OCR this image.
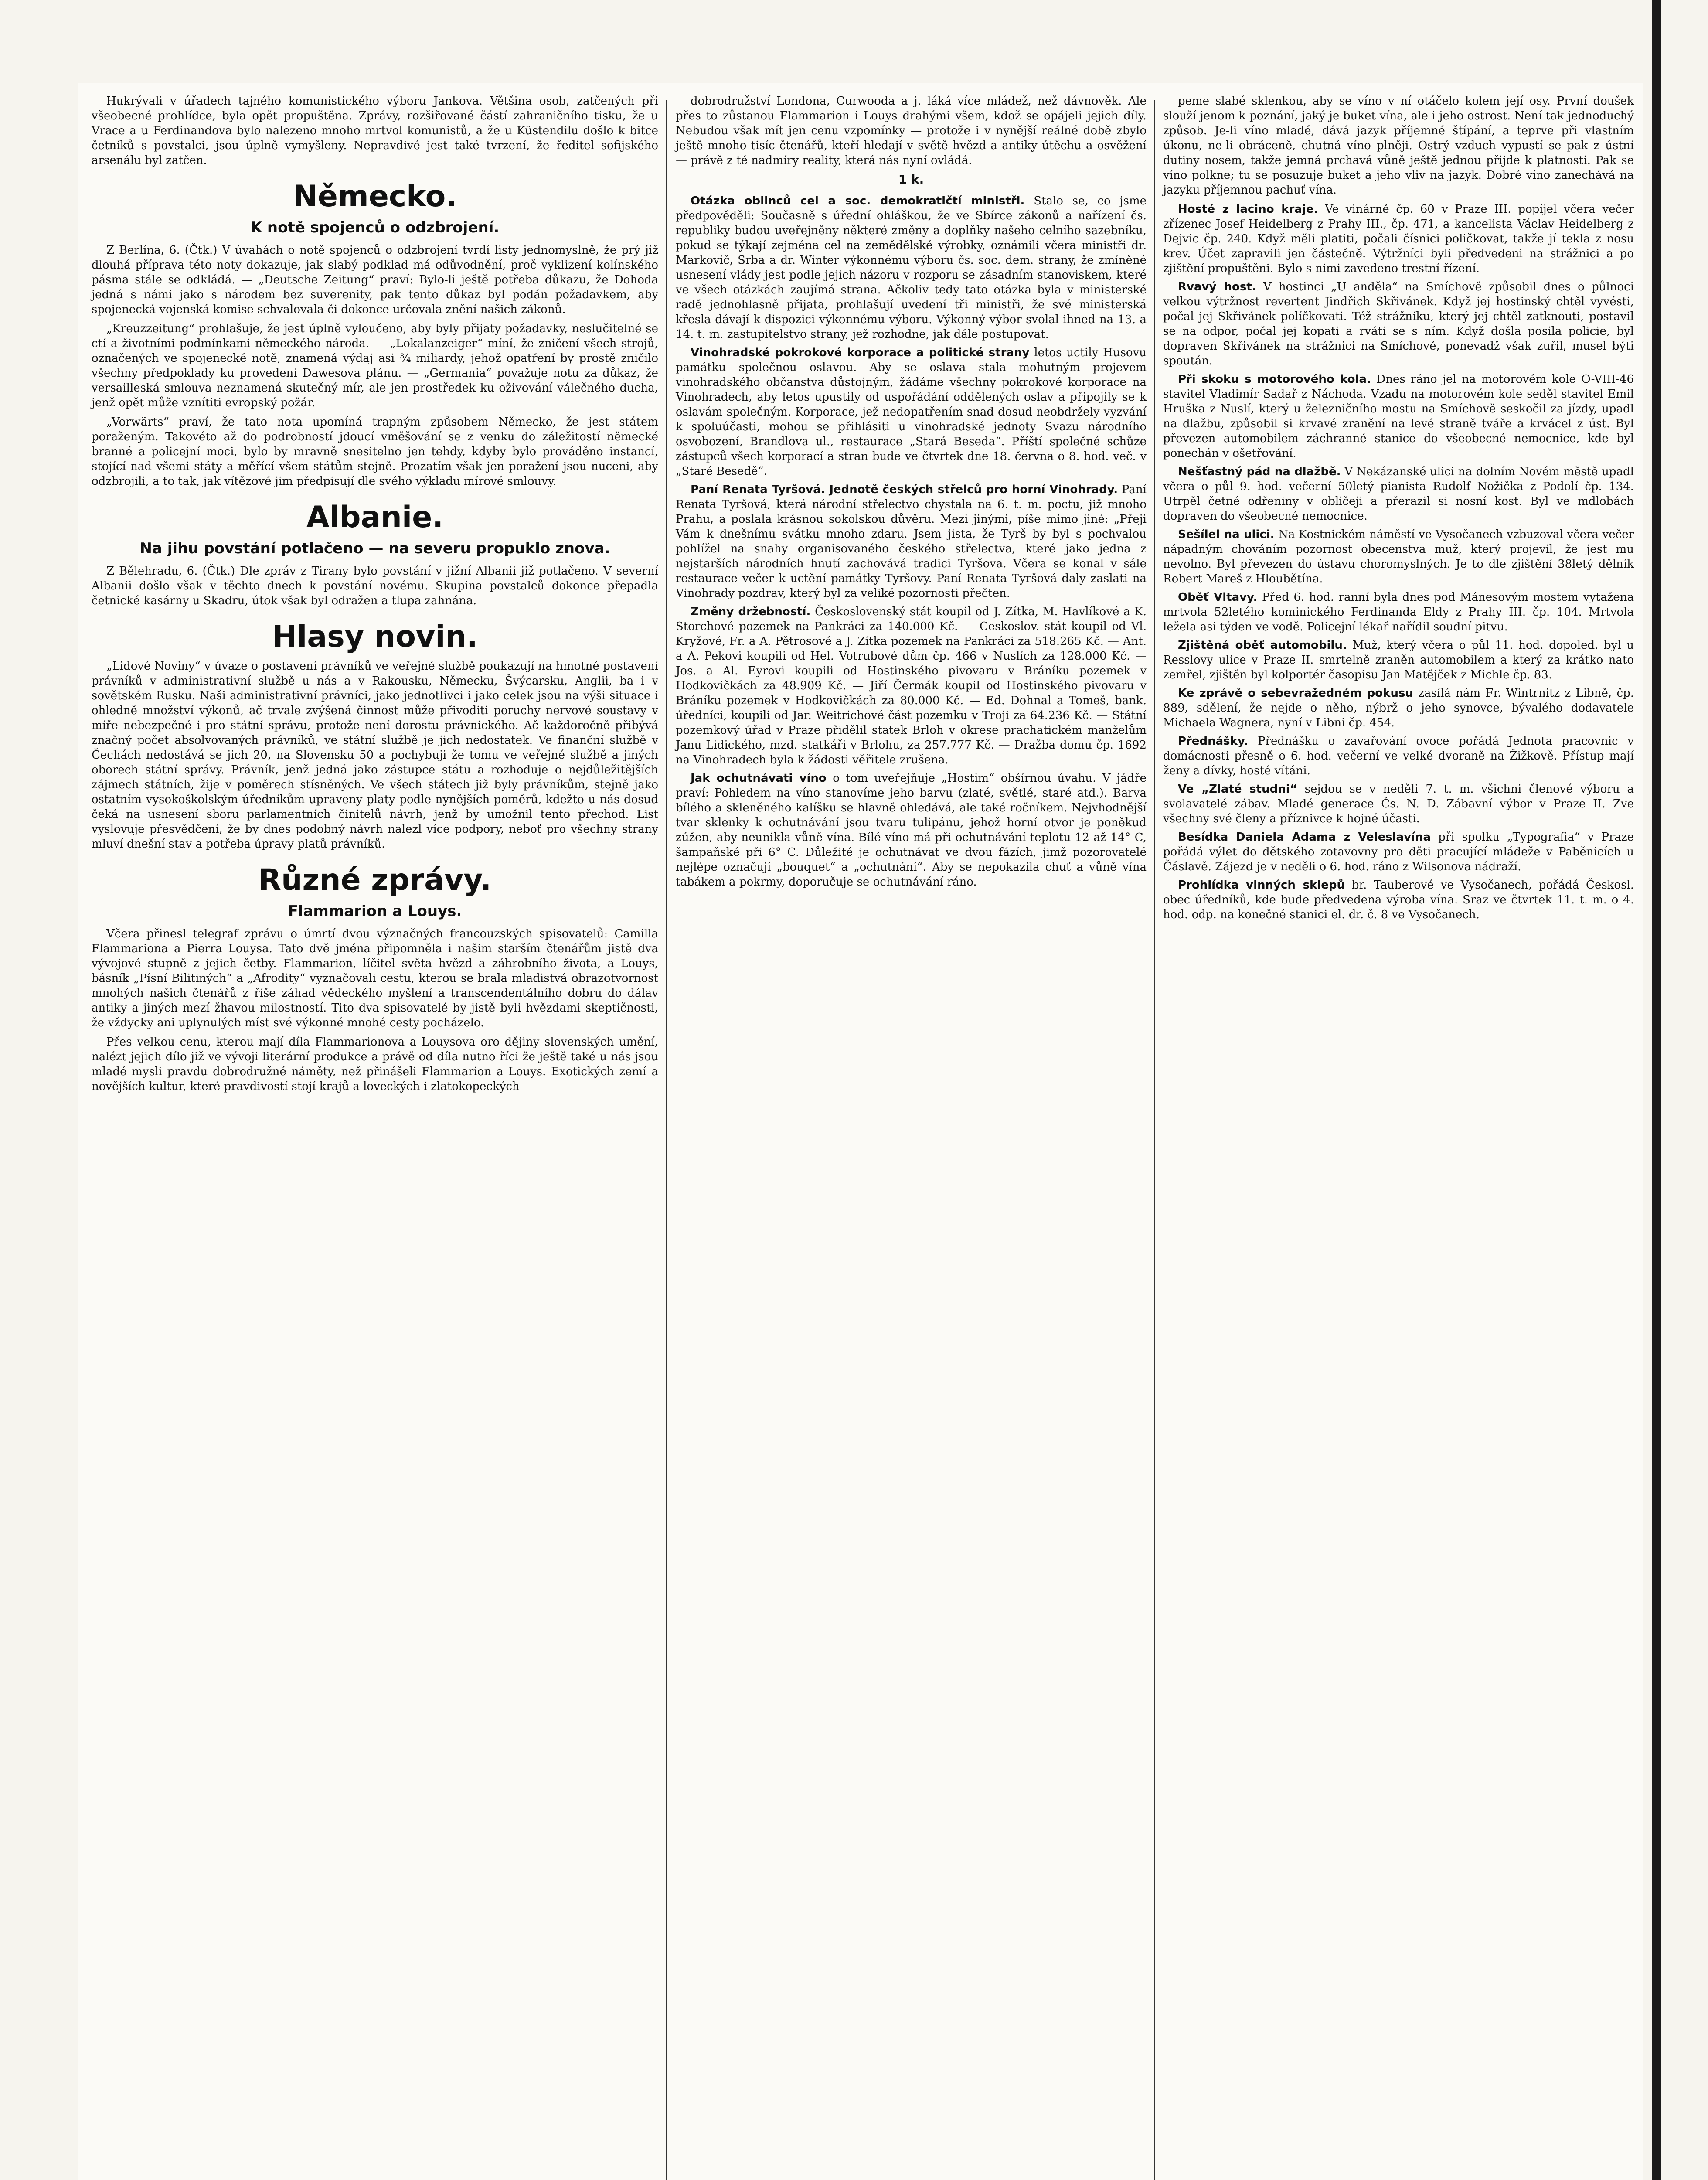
Hukrývali v úřadech tajného komunistického výboru Jankova. Většina osob, zatčených při všeobecné prohlídce, byla opět propuštěna. Zprávy, rozšiřované částí zahraničního tisku, že u Vrace a u Ferdinandova bylo nalezeno mnoho mrtvol komunistů, a že u Küstendilu došlo k bitce četníků s povstalci, jsou úplně vymyšleny. Nepravdivé jest také tvrzení, že ředitel sofijského arsenálu byl zatčen.

Německo.
K notě spojenců o odzbrojení.

Z Berlína, 6. (Čtk.) V úvahách o notě spojenců o odzbrojení tvrdí listy jednomyslně, že prý již dlouhá příprava této noty dokazuje, jak slabý podklad má odůvodnění, proč vyklizení kolínského pásma stále se odkládá. — „Deutsche Zeitung“ praví: Bylo-li ještě potřeba důkazu, že Dohoda jedná s námi jako s národem bez suverenity, pak tento důkaz byl podán požadavkem, aby spojenecká vojenská komise schvalovala či dokonce určovala znění našich zákonů.

„Kreuzzeitung“ prohlašuje, že jest úplně vyloučeno, aby byly přijaty požadavky, neslučitelné se ctí a životními podmínkami německého národa. — „Lokalanzeiger“ míní, že zničení všech strojů, označených ve spojenecké notě, znamená výdaj asi ¾ miliardy, jehož opatření by prostě zničilo všechny předpoklady ku provedení Dawesova plánu. — „Germania“ považuje notu za důkaz, že versailleská smlouva neznamená skutečný mír, ale jen prostředek ku oživování válečného ducha, jenž opět může vznítiti evropský požár.

„Vorwärts“ praví, že tato nota upomíná trapným způsobem Německo, že jest státem poraženým. Takovéto až do podrobností jdoucí vměšování se z venku do záležitostí německé branné a policejní moci, bylo by mravně snesitelno jen tehdy, kdyby bylo prováděno instancí, stojící nad všemi státy a měřící všem státům stejně. Prozatím však jen poražení jsou nuceni, aby odzbrojili, a to tak, jak vítězové jim předpisují dle svého výkladu mírové smlouvy.

Albanie.
Na jihu povstání potlačeno — na severu propuklo znova.

Z Bělehradu, 6. (Čtk.) Dle zpráv z Tirany bylo povstání v jižní Albanii již potlačeno. V severní Albanii došlo však v těchto dnech k povstání novému. Skupina povstalců dokonce přepadla četnické kasárny u Skadru, útok však byl odražen a tlupa zahnána.

Hlasy novin.

„Lidové Noviny“ v úvaze o postavení právníků ve veřejné službě poukazují na hmotné postavení právníků v administrativní službě u nás a v Rakousku, Německu, Švýcarsku, Anglii, ba i v sovětském Rusku. Naši administrativní právníci, jako jednotlivci i jako celek jsou na výši situace i ohledně množství výkonů, ač trvale zvýšená činnost může přivoditi poruchy nervové soustavy v míře nebezpečné i pro státní správu, protože není dorostu právnického. Ač každoročně přibývá značný počet absolvovaných právníků, ve státní službě je jich nedostatek. Ve finanční službě v Čechách nedostává se jich 20, na Slovensku 50 a pochybuji že tomu ve veřejné službě a jiných oborech státní správy. Právník, jenž jedná jako zástupce státu a rozhoduje o nejdůležitějších zájmech státních, žije v poměrech stísněných. Ve všech státech již byly právníkům, stejně jako ostatním vysokoškolským úředníkům upraveny platy podle nynějších poměrů, kdežto u nás dosud čeká na usnesení sboru parlamentních činitelů návrh, jenž by umožnil tento přechod. List vyslovuje přesvědčení, že by dnes podobný návrh nalezl více podpory, neboť pro všechny strany mluví dnešní stav a potřeba úpravy platů právníků.

Různé zprávy.
Flammarion a Louys.

Včera přinesl telegraf zprávu o úmrtí dvou význačných francouzských spisovatelů: Camilla Flammariona a Pierra Louysa. Tato dvě jména připomněla i našim starším čtenářům jistě dva vývojové stupně z jejich četby. Flammarion, líčitel světa hvězd a záhrobního života, a Louys, básník „Písní Bilitiných“ a „Afrodity“ vyznačovali cestu, kterou se brala mladistvá obrazotvornost mnohých našich čtenářů z říše záhad vědeckého myšlení a transcendentálního dobru do dálav antiky a jiných mezí žhavou milostností. Tito dva spisovatelé by jistě byli hvězdami skeptičnosti, že vždycky ani uplynulých míst své výkonné mnohé cesty pocházelo.

Přes velkou cenu, kterou mají díla Flammarionova a Louysova oro dějiny slovenských umění, nalézt jejich dílo již ve vývoji literární produkce a právě od díla nutno říci že ještě také u nás jsou mladé mysli pravdu dobrodružné náměty, než přinášeli Flammarion a Louys. Exotických zemí a novějších kultur, které pravdivostí stojí krajů a loveckých i zlatokopeckých

dobrodružství Londona, Curwooda a j. láká více mládež, než dávnověk. Ale přes to zůstanou Flammarion i Louys drahými všem, kdož se opájeli jejich díly. Nebudou však mít jen cenu vzpomínky — protože i v nynější reálné době zbylo ještě mnoho tisíc čtenářů, kteří hledají v světě hvězd a antiky útěchu a osvěžení — právě z té nadmíry reality, která nás nyní ovládá.

1 k.
Otázka oblinců cel a soc. demokratičtí ministři. Stalo se, co jsme předpověděli: Současně s úřední ohláškou, že ve Sbírce zákonů a nařízení čs. republiky budou uveřejněny některé změny a doplňky našeho celního sazebníku, pokud se týkají zejména cel na zemědělské výrobky, oznámili včera ministři dr. Markovič, Srba a dr. Winter výkonnému výboru čs. soc. dem. strany, že zmíněné usnesení vlády jest podle jejich názoru v rozporu se zásadním stanoviskem, které ve všech otázkách zaujímá strana. Ačkoliv tedy tato otázka byla v ministerské radě jednohlasně přijata, prohlašují uvedení tři ministři, že své ministerská křesla dávají k dispozici výkonnému výboru. Výkonný výbor svolal ihned na 13. a 14. t. m. zastupitelstvo strany, jež rozhodne, jak dále postupovat.
Vinohradské pokrokové korporace a politické strany letos uctily Husovu památku společnou oslavou. Aby se oslava stala mohutným projevem vinohradského občanstva důstojným, žádáme všechny pokrokové korporace na Vinohradech, aby letos upustily od uspořádání oddělených oslav a připojily se k oslavám společným. Korporace, jež nedopatřením snad dosud neobdržely vyzvání k spoluúčasti, mohou se přihlásiti u vinohradské jednoty Svazu národního osvobození, Brandlova ul., restaurace „Stará Beseda“. Příští společné schůze zástupců všech korporací a stran bude ve čtvrtek dne 18. června o 8. hod. več. v „Staré Besedě“.
Paní Renata Tyršová. Jednotě českých střelců pro horní Vinohrady. Paní Renata Tyršová, která národní střelectvo chystala na 6. t. m. poctu, již mnoho Prahu, a poslala krásnou sokolskou důvěru. Mezi jinými, píše mimo jiné: „Přeji Vám k dnešnímu svátku mnoho zdaru. Jsem jista, že Tyrš by byl s pochvalou pohlížel na snahy organisovaného českého střelectva, které jako jedna z nejstarších národních hnutí zachovává tradici Tyršova. Včera se konal v sále restaurace večer k uctění památky Tyršovy. Paní Renata Tyršová daly zaslati na Vinohrady pozdrav, který byl za veliké pozornosti přečten.
Změny držebností. Československý stát koupil od J. Zítka, M. Havlíkové a K. Storchové pozemek na Pankráci za 140.000 Kč. — Ceskoslov. stát koupil od Vl. Kryžové, Fr. a A. Pětrosové a J. Zítka pozemek na Pankráci za 518.265 Kč. — Ant. a A. Pekovi koupili od Hel. Votrubové dům čp. 466 v Nuslích za 128.000 Kč. — Jos. a Al. Eyrovi koupili od Hostinského pivovaru v Bráníku pozemek v Hodkovičkách za 48.909 Kč. — Jiří Čermák koupil od Hostinského pivovaru v Bráníku pozemek v Hodkovičkách za 80.000 Kč. — Ed. Dohnal a Tomeš, bank. úředníci, koupili od Jar. Weitrichové část pozemku v Troji za 64.236 Kč. — Státní pozemkový úřad v Praze přidělil statek Brloh v okrese prachatickém manželům Janu Lidického, mzd. statkáři v Brlohu, za 257.777 Kč. — Dražba domu čp. 1692 na Vinohradech byla k žádosti věřitele zrušena.
Jak ochutnávati víno o tom uveřejňuje „Hostim“ obšírnou úvahu. V jádře praví: Pohledem na víno stanovíme jeho barvu (zlaté, světlé, staré atd.). Barva bílého a skleněného kalíšku se hlavně ohledává, ale také ročníkem. Nejvhodnější tvar sklenky k ochutnávání jsou tvaru tulipánu, jehož horní otvor je poněkud zúžen, aby neunikla vůně vína. Bílé víno má při ochutnávání teplotu 12 až 14° C, šampaňské při 6° C. Důležité je ochutnávat ve dvou fázích, jimž pozorovatelé nejlépe označují „bouquet“ a „ochutnání“. Aby se nepokazila chuť a vůně vína tabákem a pokrmy, doporučuje se ochutnávání ráno.

peme slabé sklenkou, aby se víno v ní otáčelo kolem její osy. První doušek slouží jenom k poznání, jaký je buket vína, ale i jeho ostrost. Není tak jednoduchý způsob. Je-li víno mladé, dává jazyk příjemné štípání, a teprve při vlastním úkonu, ne-li obráceně, chutná víno plněji. Ostrý vzduch vypustí se pak z ústní dutiny nosem, takže jemná prchavá vůně ještě jednou přijde k platnosti. Pak se víno polkne; tu se posuzuje buket a jeho vliv na jazyk. Dobré víno zanechává na jazyku příjemnou pachuť vína.

Hosté z lacino kraje. Ve vinárně čp. 60 v Praze III. popíjel včera večer zřízenec Josef Heidelberg z Prahy III., čp. 471, a kancelista Václav Heidelberg z Dejvic čp. 240. Když měli platiti, počali čísnici poličkovat, takže jí tekla z nosu krev. Účet zapravili jen částečně. Výtržníci byli předvedeni na strážnici a po zjištění propuštěni. Bylo s nimi zavedeno trestní řízení.
Rvavý host. V hostinci „U anděla“ na Smíchově způsobil dnes o půlnoci velkou výtržnost revertent Jindřich Skřivánek. Když jej hostinský chtěl vyvésti, počal jej Skřivánek políčkovati. Též strážníku, který jej chtěl zatknouti, postavil se na odpor, počal jej kopati a rváti se s ním. Když došla posila policie, byl dopraven Skřivánek na strážnici na Smíchově, ponevadž však zuřil, musel býti spoután.
Při skoku s motorového kola. Dnes ráno jel na motorovém kole O-VIII-46 stavitel Vladimír Sadař z Náchoda. Vzadu na motorovém kole seděl stavitel Emil Hruška z Nuslí, který u železničního mostu na Smíchově seskočil za jízdy, upadl na dlažbu, způsobil si krvavé zranění na levé straně tváře a krvácel z úst. Byl převezen automobilem záchranné stanice do všeobecné nemocnice, kde byl ponechán v ošetřování.
Nešťastný pád na dlažbě. V Nekázanské ulici na dolním Novém městě upadl včera o půl 9. hod. večerní 50letý pianista Rudolf Nožička z Podolí čp. 134. Utrpěl četné odřeniny v obličeji a přerazil si nosní kost. Byl ve mdlobách dopraven do všeobecné nemocnice.
Sešílel na ulici. Na Kostnickém náměstí ve Vysočanech vzbuzoval včera večer nápadným chováním pozornost obecenstva muž, který projevil, že jest mu nevolno. Byl převezen do ústavu choromyslných. Je to dle zjištění 38letý dělník Robert Mareš z Hloubětína.
Oběť Vltavy. Před 6. hod. ranní byla dnes pod Mánesovým mostem vytažena mrtvola 52letého kominického Ferdinanda Eldy z Prahy III. čp. 104. Mrtvola ležela asi týden ve vodě. Policejní lékař nařídil soudní pitvu.
Zjištěná oběť automobilu. Muž, který včera o půl 11. hod. dopoled. byl u Resslovy ulice v Praze II. smrtelně zraněn automobilem a který za krátko nato zemřel, zjištěn byl kolportér časopisu Jan Matějček z Michle čp. 83.
Ke zprávě o sebevražedném pokusu zasílá nám Fr. Wintrnitz z Libně, čp. 889, sdělení, že nejde o něho, nýbrž o jeho synovce, bývalého dodavatele Michaela Wagnera, nyní v Libni čp. 454.
Přednášky. Přednášku o zavařování ovoce pořádá Jednota pracovnic v domácnosti přesně o 6. hod. večerní ve velké dvoraně na Žižkově. Přístup mají ženy a dívky, hosté vítáni.
Ve „Zlaté studni“ sejdou se v neděli 7. t. m. všichni členové výboru a svolavatelé zábav. Mladé generace Čs. N. D. Zábavní výbor v Praze II. Zve všechny své členy a příznivce k hojné účasti.
Besídka Daniela Adama z Veleslavína při spolku „Typografia“ v Praze pořádá výlet do dětského zotavovny pro děti pracující mládeže v Paběnicích u Čáslavě. Zájezd je v neděli o 6. hod. ráno z Wilsonova nádraží.
Prohlídka vinných sklepů br. Tauberové ve Vysočanech, pořádá Českosl. obec úředníků, kde bude předvedena výroba vína. Sraz ve čtvrtek 11. t. m. o 4. hod. odp. na konečné stanici el. dr. č. 8 ve Vysočanech.
